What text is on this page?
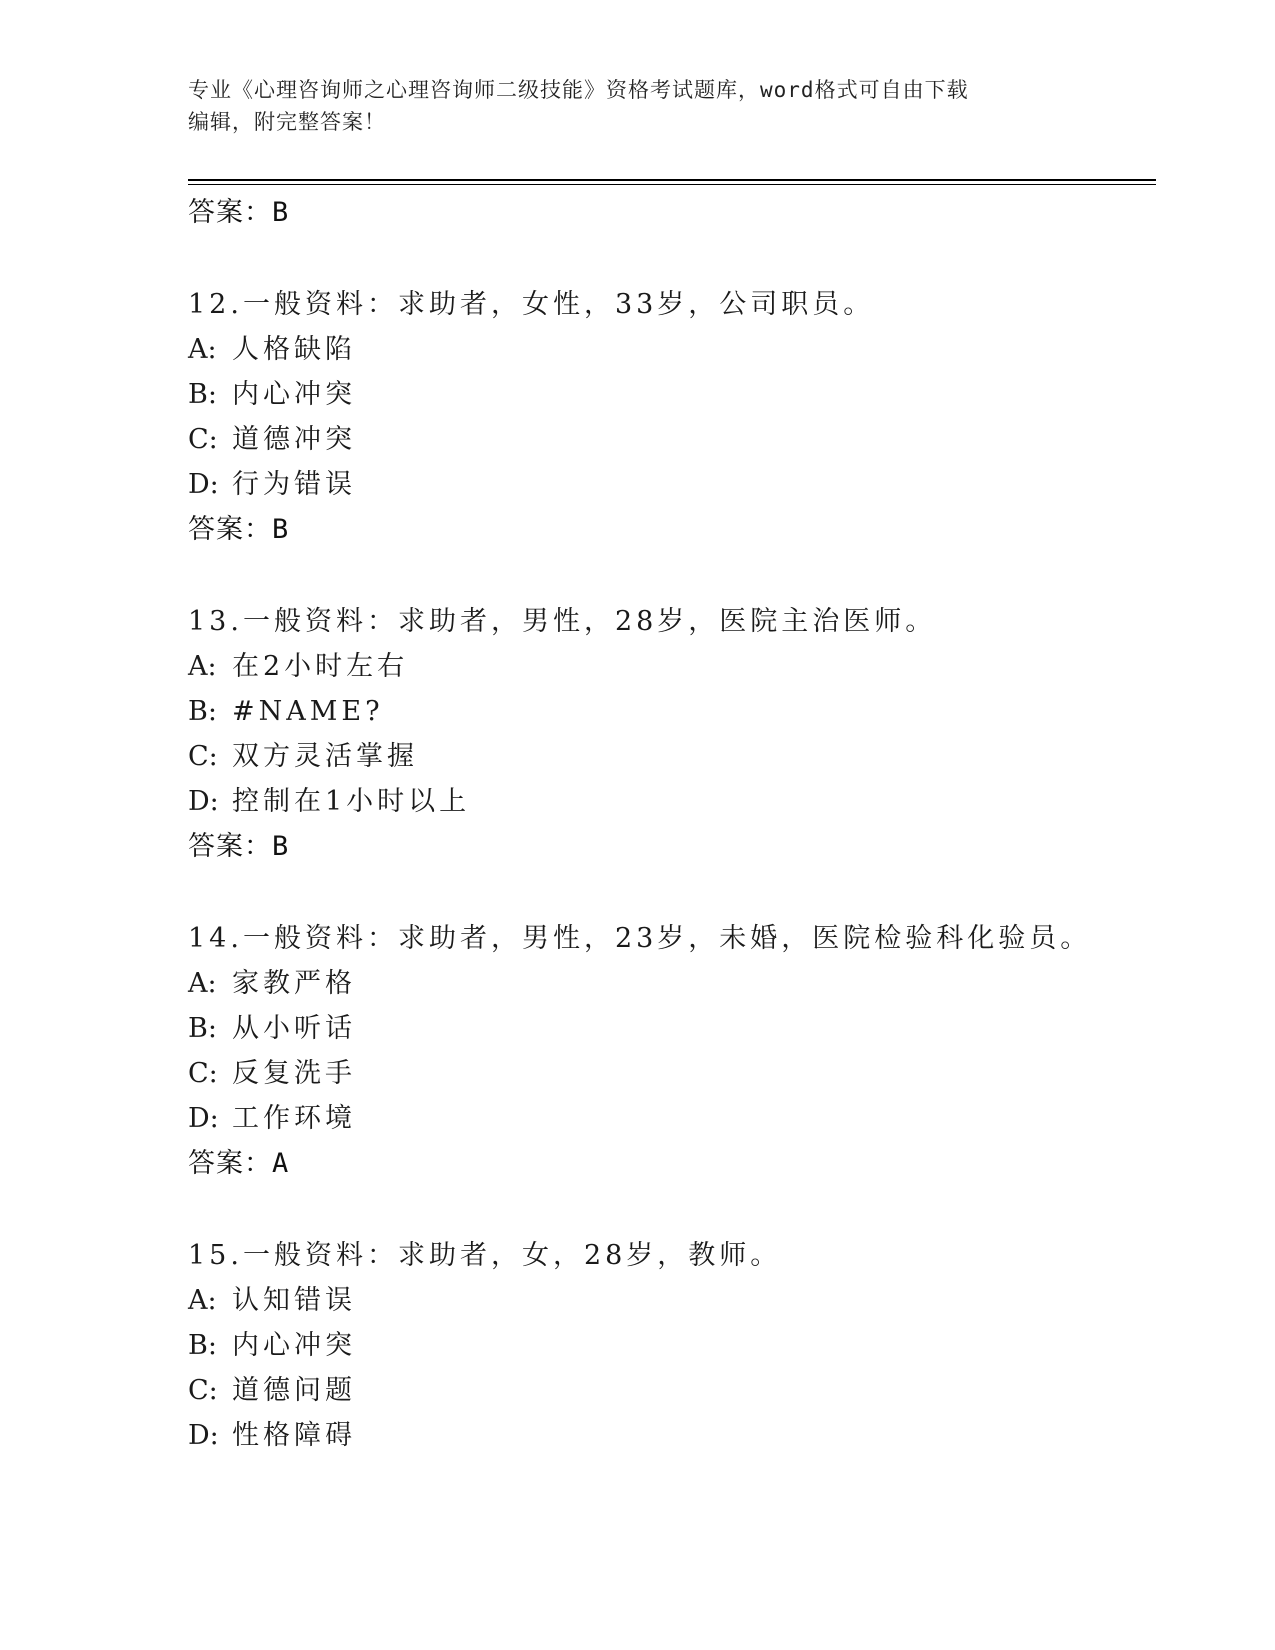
专业《心理咨询师之心理咨询师二级技能》资格考试题库，word格式可自由下载
编辑，附完整答案！
答案：B
12.一般资料：求助者，女性，33岁，公司职员。
A: 人格缺陷
B: 内心冲突
C: 道德冲突
D: 行为错误
答案：B
13.一般资料：求助者，男性，28岁，医院主治医师。
A: 在2小时左右
B: #NAME?
C: 双方灵活掌握
D: 控制在1小时以上
答案：B
14.一般资料：求助者，男性，23岁，未婚，医院检验科化验员。
A: 家教严格
B: 从小听话
C: 反复洗手
D: 工作环境
答案：A
15.一般资料：求助者，女，28岁，教师。
A: 认知错误
B: 内心冲突
C: 道德问题
D: 性格障碍
